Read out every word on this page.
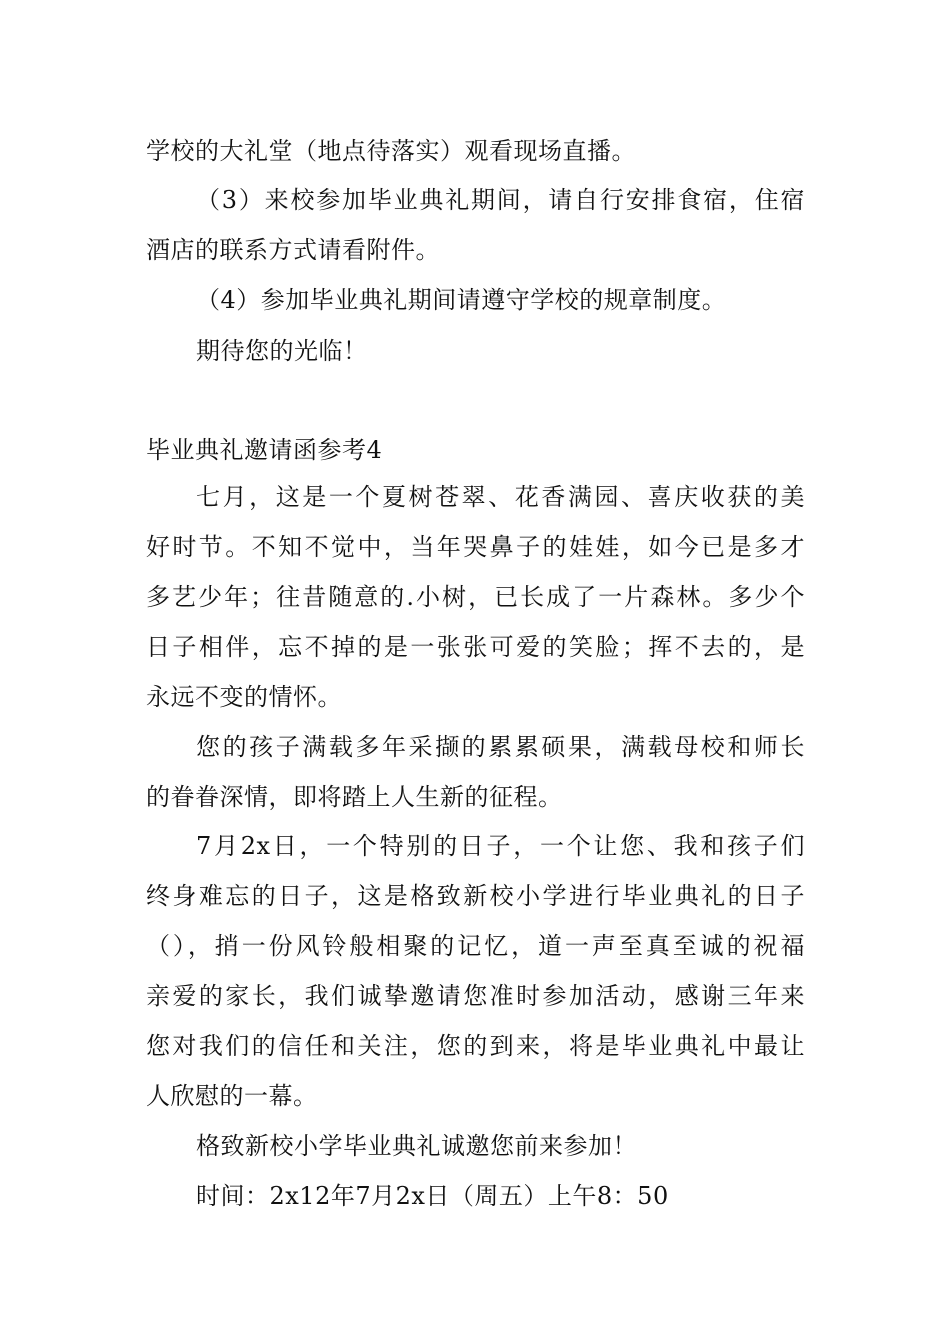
学校的大礼堂（地点待落实）观看现场直播。
（3）来校参加毕业典礼期间，请自行安排食宿，住宿
酒店的联系方式请看附件。
（4）参加毕业典礼期间请遵守学校的规章制度。
期待您的光临！
毕业典礼邀请函参考4
七月，这是一个夏树苍翠、花香满园、喜庆收获的美
好时节。不知不觉中，当年哭鼻子的娃娃，如今已是多才
多艺少年；往昔随意的.小树，已长成了一片森林。多少个
日子相伴，忘不掉的是一张张可爱的笑脸；挥不去的，是
永远不变的情怀。
您的孩子满载多年采撷的累累硕果，满载母校和师长
的眷眷深情，即将踏上人生新的征程。
7月2x日，一个特别的日子，一个让您、我和孩子们
终身难忘的日子，这是格致新校小学进行毕业典礼的日子
（），捎一份风铃般相聚的记忆，道一声至真至诚的祝福
亲爱的家长，我们诚挚邀请您准时参加活动，感谢三年来
您对我们的信任和关注，您的到来，将是毕业典礼中最让
人欣慰的一幕。
格致新校小学毕业典礼诚邀您前来参加！
时间：2x12年7月2x日（周五）上午8：50
